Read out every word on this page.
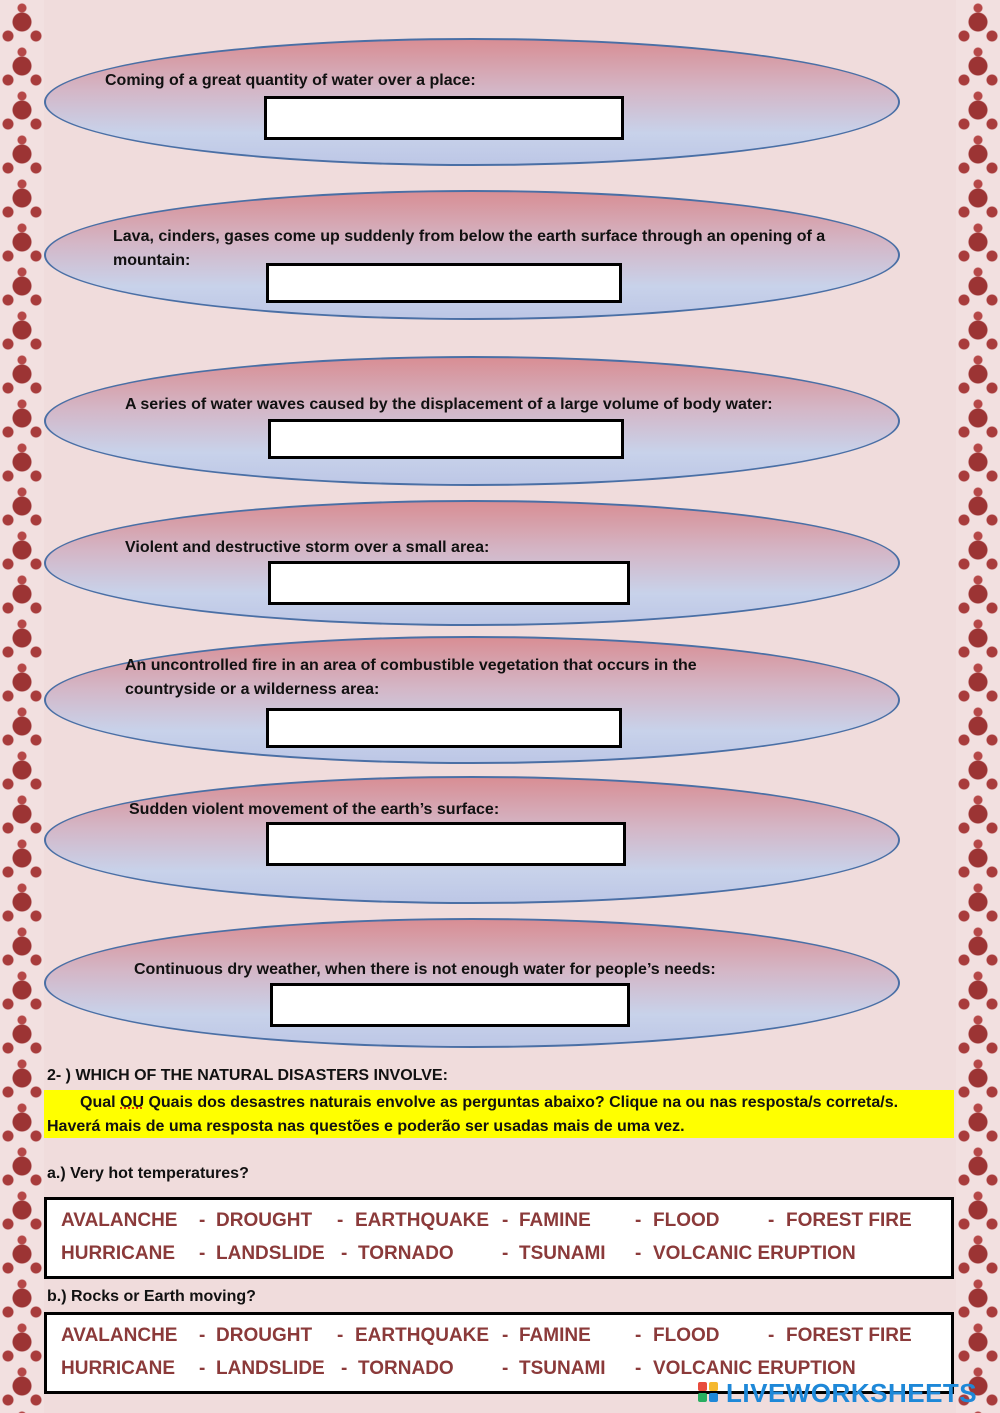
Coming of a great quantity of water over a place:
Lava, cinders, gases come up suddenly from below the earth surface through an opening of a mountain:
A series of water waves caused by the displacement of a large volume of body water:
Violent and destructive storm over a small area:
An uncontrolled fire in an area of combustible vegetation that occurs in the countryside or a wilderness area:
Sudden violent movement of the earth’s surface:
Continuous dry weather, when there is not enough water for people’s needs:
2- ) WHICH OF THE NATURAL DISASTERS INVOLVE:
Qual OU Quais dos desastres naturais envolve as perguntas abaixo? Clique na ou nas resposta/s correta/s. Haverá mais de uma resposta nas questões e poderão ser usadas mais de uma vez.
a.) Very hot temperatures?
AVALANCHE - DROUGHT - EARTHQUAKE - FAMINE - FLOOD	- FOREST FIRE
HURRICANE - LANDSLIDE - TORNADO	- TSUNAMI - VOLCANIC ERUPTION
b.) Rocks or Earth moving?
AVALANCHE - DROUGHT - EARTHQUAKE - FAMINE - FLOOD	- FOREST FIRE
HURRICANE - LANDSLIDE - TORNADO	- TSUNAMI - VOLCANIC ERUPTION
LIVEWORKSHEETS
